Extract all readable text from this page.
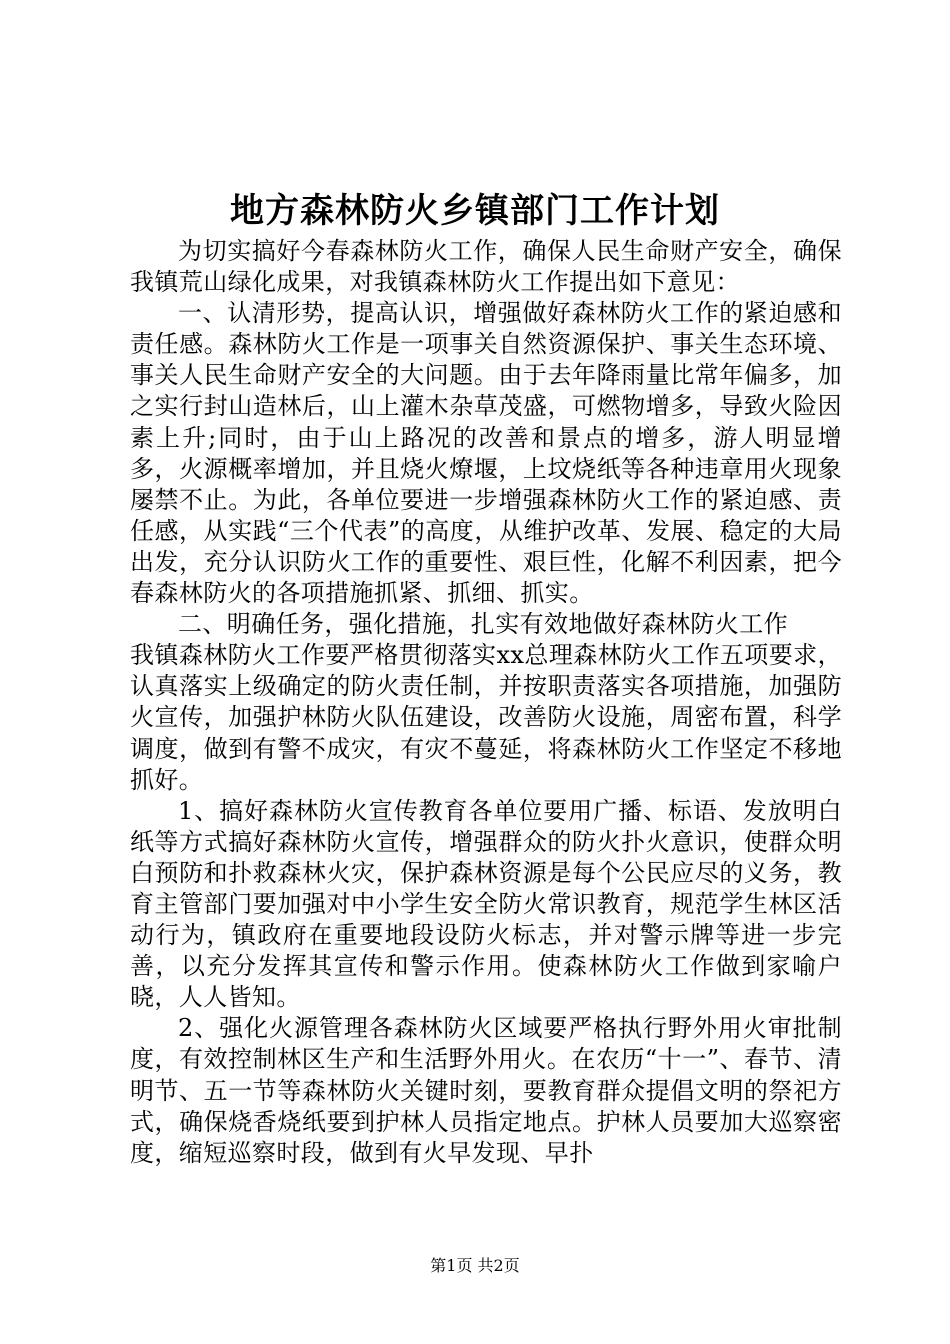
地方森林防火乡镇部门工作计划

为切实搞好今春森林防火工作，确保人民生命财产安全，确保我镇荒山绿化成果，对我镇森林防火工作提出如下意见：

一、认清形势，提高认识，增强做好森林防火工作的紧迫感和责任感。森林防火工作是一项事关自然资源保护、事关生态环境、事关人民生命财产安全的大问题。由于去年降雨量比常年偏多，加之实行封山造林后，山上灌木杂草茂盛，可燃物增多，导致火险因素上升;同时，由于山上路况的改善和景点的增多，游人明显增多，火源概率增加，并且烧火燎堰，上坟烧纸等各种违章用火现象屡禁不止。为此，各单位要进一步增强森林防火工作的紧迫感、责任感，从实践“三个代表”的高度，从维护改革、发展、稳定的大局出发，充分认识防火工作的重要性、艰巨性，化解不利因素，把今春森林防火的各项措施抓紧、抓细、抓实。

二、明确任务，强化措施，扎实有效地做好森林防火工作

我镇森林防火工作要严格贯彻落实xx总理森林防火工作五项要求，认真落实上级确定的防火责任制，并按职责落实各项措施，加强防火宣传，加强护林防火队伍建设，改善防火设施，周密布置，科学调度，做到有警不成灾，有灾不蔓延，将森林防火工作坚定不移地抓好。

1、搞好森林防火宣传教育各单位要用广播、标语、发放明白纸等方式搞好森林防火宣传，增强群众的防火扑火意识，使群众明白预防和扑救森林火灾，保护森林资源是每个公民应尽的义务，教育主管部门要加强对中小学生安全防火常识教育，规范学生林区活动行为，镇政府在重要地段设防火标志，并对警示牌等进一步完善，以充分发挥其宣传和警示作用。使森林防火工作做到家喻户晓，人人皆知。

2、强化火源管理各森林防火区域要严格执行野外用火审批制度，有效控制林区生产和生活野外用火。在农历“十一”、春节、清明节、五一节等森林防火关键时刻，要教育群众提倡文明的祭祀方式，确保烧香烧纸要到护林人员指定地点。护林人员要加大巡察密度，缩短巡察时段，做到有火早发现、早扑

第1页 共2页
